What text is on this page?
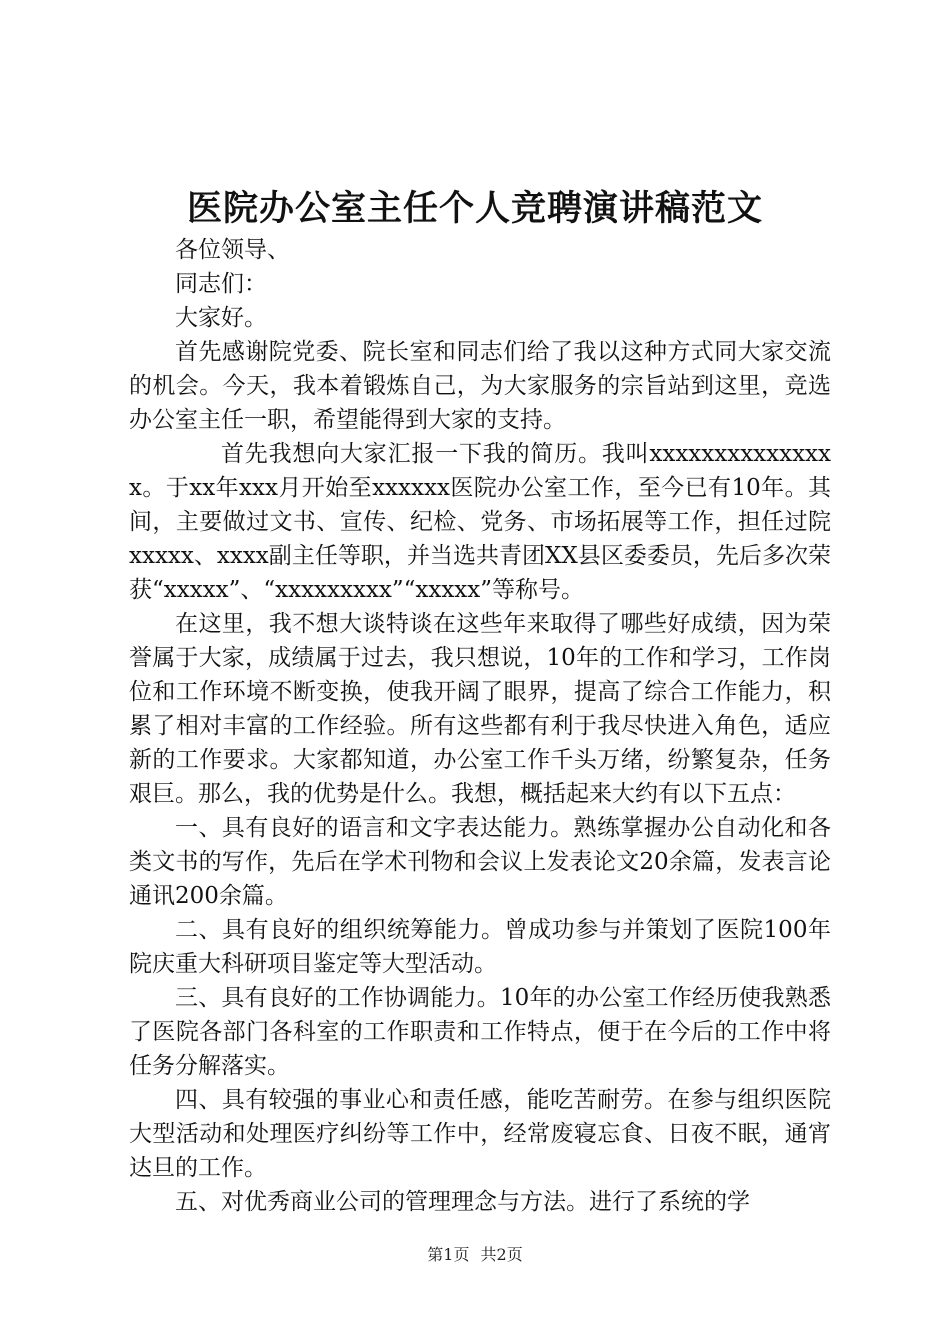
医院办公室主任个人竞聘演讲稿范文

各位领导、

同志们：

大家好。

首先感谢院党委、院长室和同志们给了我以这种方式同大家交流的机会。今天，我本着锻炼自己，为大家服务的宗旨站到这里，竞选办公室主任一职，希望能得到大家的支持。

首先我想向大家汇报一下我的简历。我叫xxxxxxxxxxxxxxx。于xx年xxx月开始至xxxxxx医院办公室工作，至今已有10年。其间，主要做过文书、宣传、纪检、党务、市场拓展等工作，担任过院xxxxx、xxxx副主任等职，并当选共青团XX县区委委员，先后多次荣获“xxxxx”、“xxxxxxxxx”“xxxxx”等称号。

在这里，我不想大谈特谈在这些年来取得了哪些好成绩，因为荣誉属于大家，成绩属于过去，我只想说，10年的工作和学习，工作岗位和工作环境不断变换，使我开阔了眼界，提高了综合工作能力，积累了相对丰富的工作经验。所有这些都有利于我尽快进入角色，适应新的工作要求。大家都知道，办公室工作千头万绪，纷繁复杂，任务艰巨。那么，我的优势是什么。我想，概括起来大约有以下五点：

一、具有良好的语言和文字表达能力。熟练掌握办公自动化和各类文书的写作，先后在学术刊物和会议上发表论文20余篇，发表言论通讯200余篇。

二、具有良好的组织统筹能力。曾成功参与并策划了医院100年院庆重大科研项目鉴定等大型活动。

三、具有良好的工作协调能力。10年的办公室工作经历使我熟悉了医院各部门各科室的工作职责和工作特点，便于在今后的工作中将任务分解落实。

四、具有较强的事业心和责任感，能吃苦耐劳。在参与组织医院大型活动和处理医疗纠纷等工作中，经常废寝忘食、日夜不眠，通宵达旦的工作。

五、对优秀商业公司的管理理念与方法。进行了系统的学

第1页 共2页
